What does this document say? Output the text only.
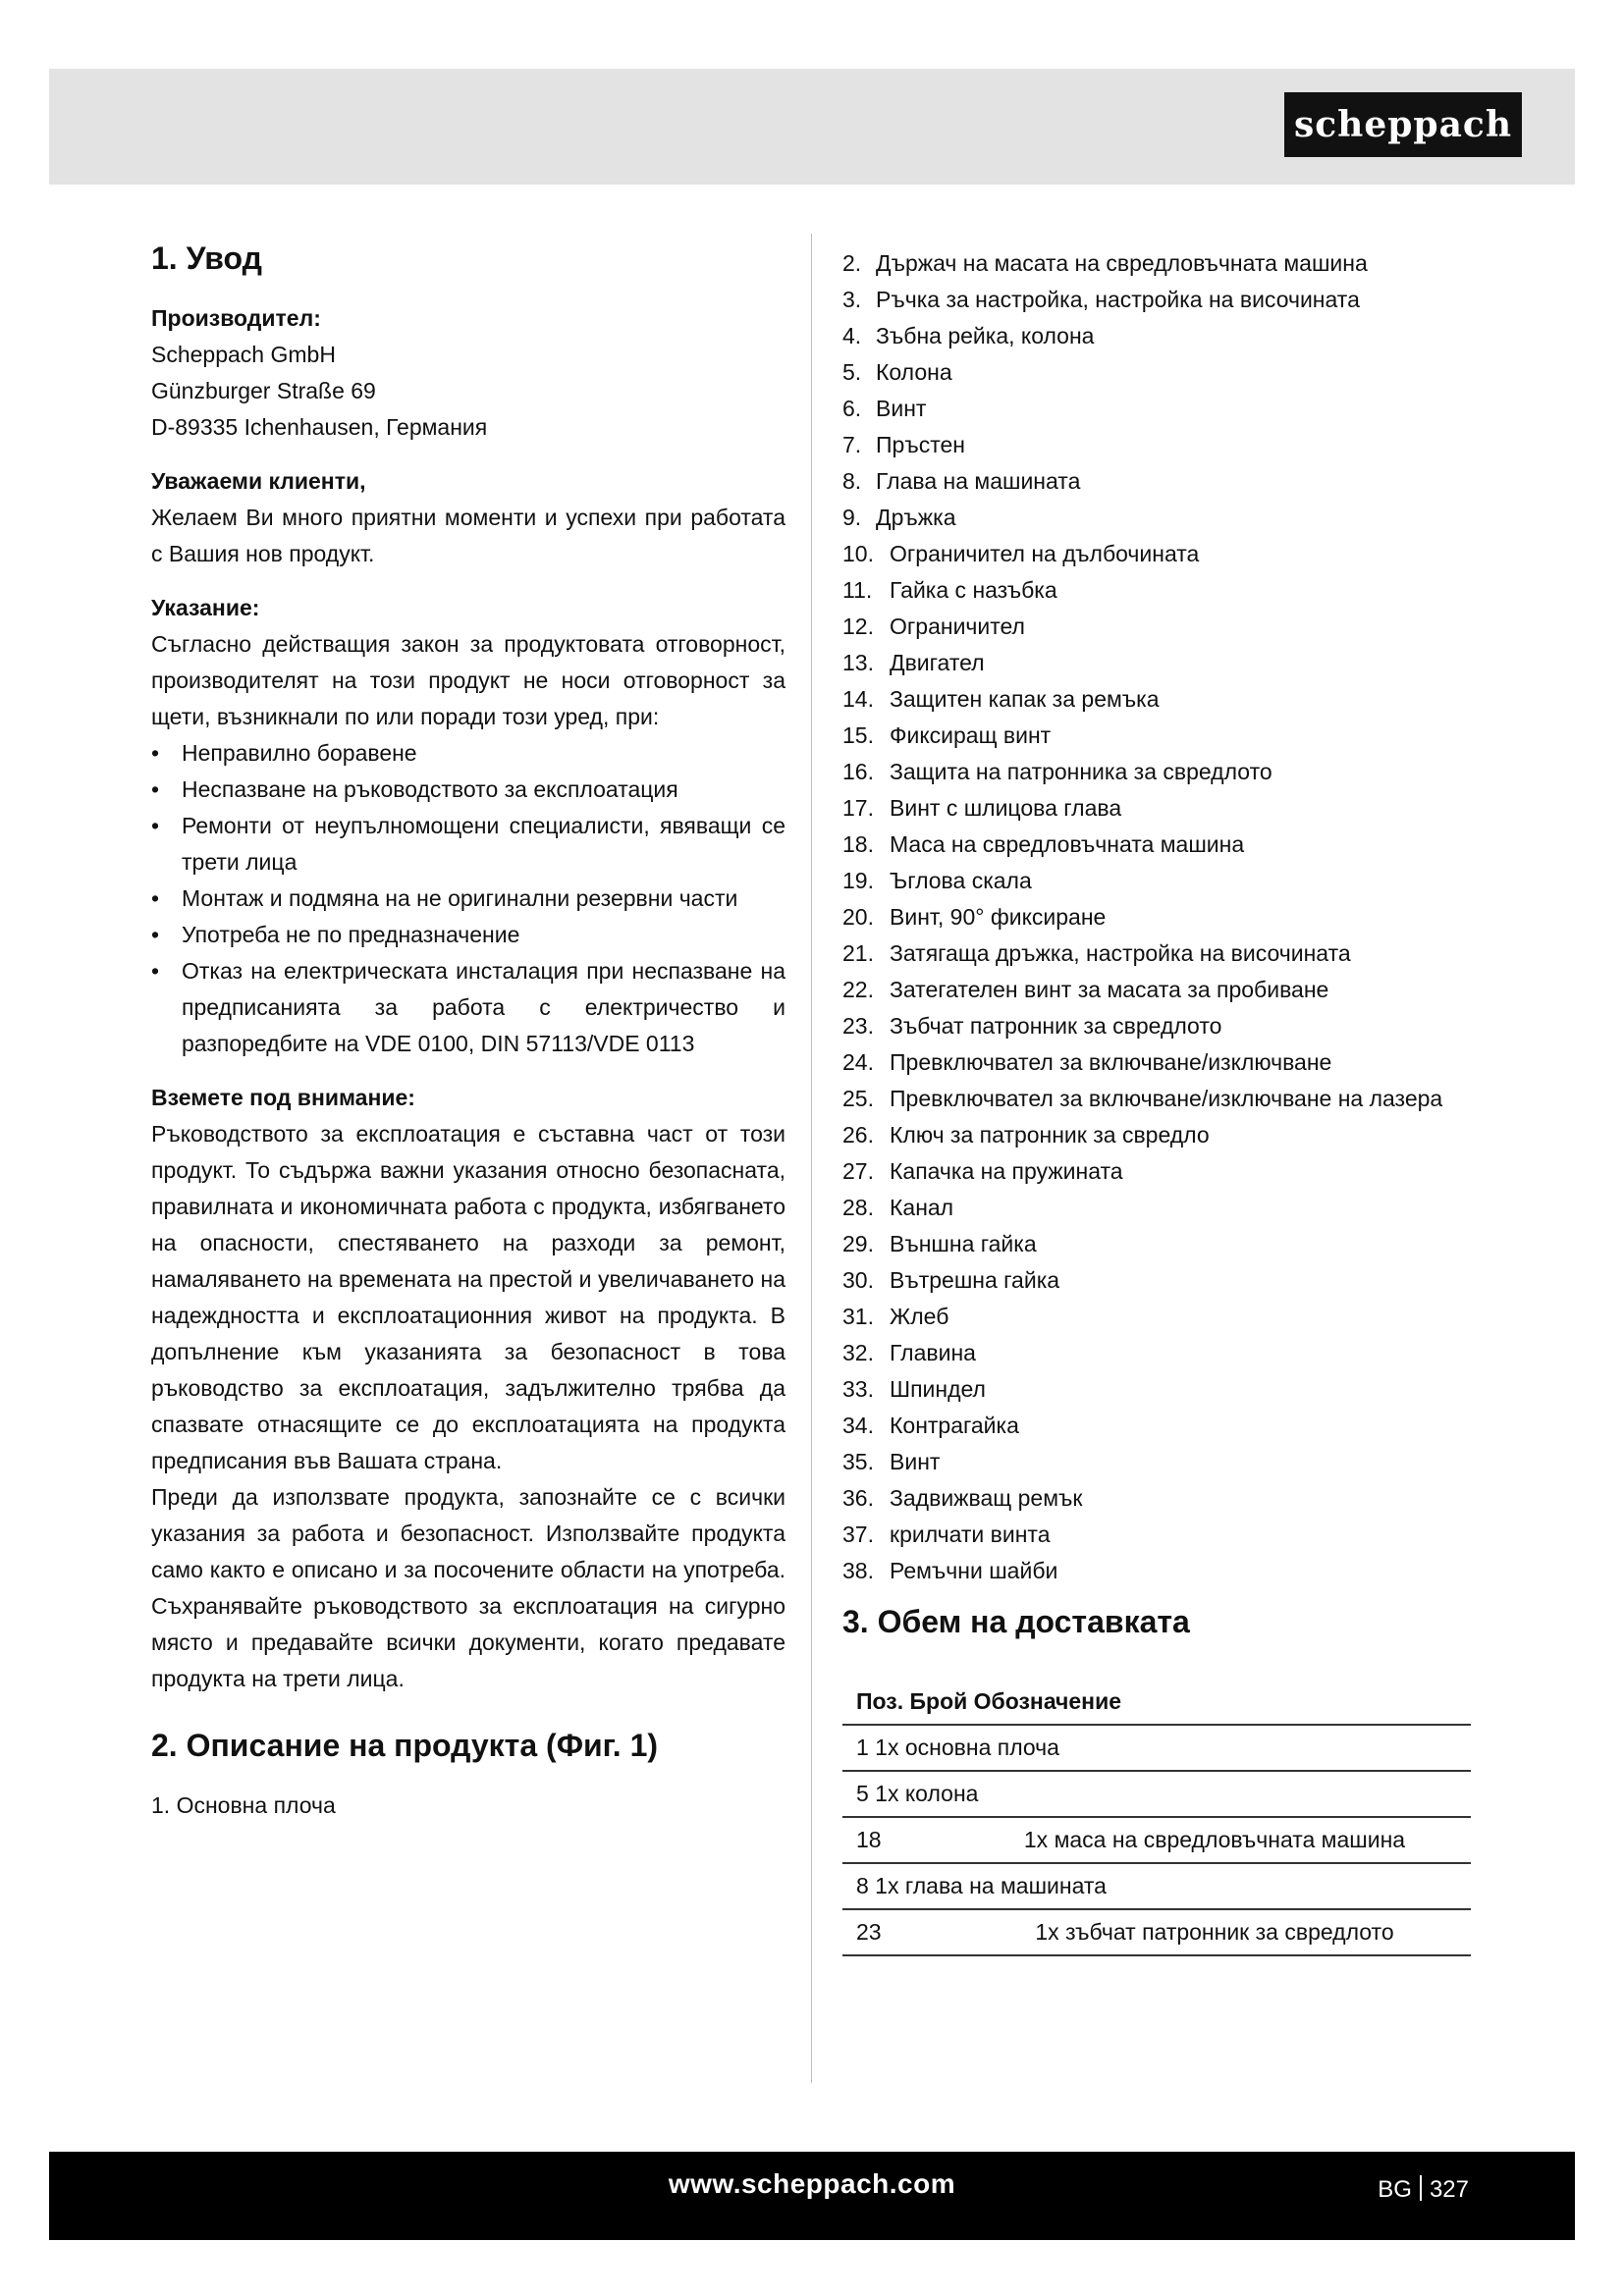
scheppach
1. Увод
Производител:
Scheppach GmbH
Günzburger Straße 69
D-89335 Ichenhausen, Германия
Уважаеми клиенти,
Желаем Ви много приятни моменти и успехи при работата с Вашия нов продукт.
Указание:
Съгласно действащия закон за продуктовата отговорност, производителят на този продукт не носи отговорност за щети, възникнали по или поради този уред, при:
• Неправилно боравене
• Неспазване на ръководството за експлоатация
• Ремонти от неупълномощени специалисти, явяващи се трети лица
• Монтаж и подмяна на не оригинални резервни части
• Употреба не по предназначение
• Отказ на електрическата инсталация при неспазване на предписанията за работа с електричество и разпоредбите на VDE 0100, DIN 57113/VDE 0113
Вземете под внимание:
Ръководството за експлоатация е съставна част от този продукт. То съдържа важни указания относно безопасната, правилната и икономичната работа с продукта, избягването на опасности, спестяването на разходи за ремонт, намаляването на времената на престой и увеличаването на надеждността и експлоатационния живот на продукта. В допълнение към указанията за безопасност в това ръководство за експлоатация, задължително трябва да спазвате отнасящите се до експлоатацията на продукта предписания във Вашата страна.
Преди да използвате продукта, запознайте се с всички указания за работа и безопасност. Използвайте продукта само както е описано и за посочените области на употреба. Съхранявайте ръководството за експлоатация на сигурно място и предавайте всички документи, когато предавате продукта на трети лица.
2. Описание на продукта (Фиг. 1)
1. Основна плоча
2. Държач на масата на свредловъчната машина
3. Ръчка за настройка, настройка на височината
4. Зъбна рейка, колона
5. Колона
6. Винт
7. Пръстен
8. Глава на машината
9. Дръжка
10. Ограничител на дълбочината
11. Гайка с назъбка
12. Ограничител
13. Двигател
14. Защитен капак за ремъка
15. Фиксиращ винт
16. Защита на патронника за свредлото
17. Винт с шлицова глава
18. Маса на свредловъчната машина
19. Ъглова скала
20. Винт, 90° фиксиране
21. Затягаща дръжка, настройка на височината
22. Затегателен винт за масата за пробиване
23. Зъбчат патронник за свредлото
24. Превключвател за включване/изключване
25. Превключвател за включване/изключване на лазера
26. Ключ за патронник за свредло
27. Капачка на пружината
28. Канал
29. Външна гайка
30. Вътрешна гайка
31. Жлеб
32. Главина
33. Шпиндел
34. Контрагайка
35. Винт
36. Задвижващ ремък
37. крилчати винта
38. Ремъчни шайби
3. Обем на доставката
Поз. Брой Обозначение	
1 1x основна плоча	
5 1x колона	
18	1x маса на свредловъчната машина
8 1x глава на машината	
23	1x зъбчат патронник за свредлото
www.scheppach.com	BG 327
